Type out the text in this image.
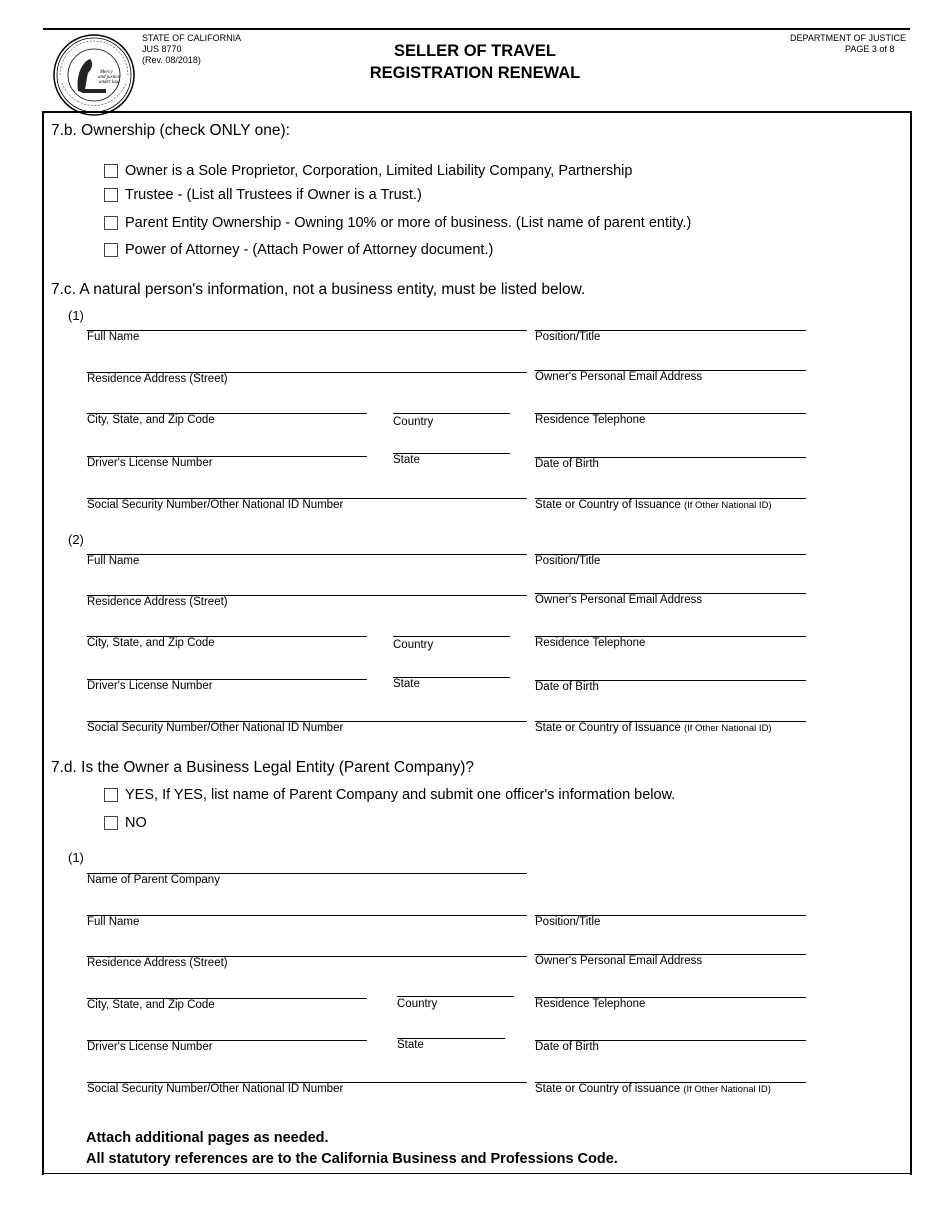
Mercy
and justice
under law
STATE OF CALIFORNIA
JUS 8770
(Rev. 08/2018)	SELLER OF TRAVEL
REGISTRATION RENEWAL
DEPARTMENT OF JUSTICE
PAGE 3 of 8
7.b. Ownership (check ONLY one):
Owner is a Sole Proprietor, Corporation, Limited Liability Company, Partnership
Trustee - (List all Trustees if Owner is a Trust.)
Parent Entity Ownership - Owning 10% or more of business. (List name of parent entity.)
Power of Attorney - (Attach Power of Attorney document.)
7.c. A natural person's information, not a business entity, must be listed below.
(1)
Full Name	Position/Title
Residence Address (Street)	Owner's Personal Email Address
City, State, and Zip Code	Country	Residence Telephone
Driver's License Number	State	Date of Birth
Social Security Number/Other National ID Number	State or Country of Issuance (If Other National ID)
(2)
Full Name	Position/Title
Residence Address (Street)	Owner's Personal Email Address
City, State, and Zip Code	Country	Residence Telephone
Driver's License Number	State	Date of Birth
Social Security Number/Other National ID Number	State or Country of Issuance (If Other National ID)
7.d. Is the Owner a Business Legal Entity (Parent Company)?
YES, If YES, list name of Parent Company and submit one officer's information below.
NO
(1)
Name of Parent Company
Full Name	Position/Title
Residence Address (Street)	Owner's Personal Email Address
City, State, and Zip Code	Country	Residence Telephone
Driver's License Number	State	Date of Birth
Social Security Number/Other National ID Number	State or Country of issuance (If Other National ID)
Attach additional pages as needed.
All statutory references are to the California Business and Professions Code.
